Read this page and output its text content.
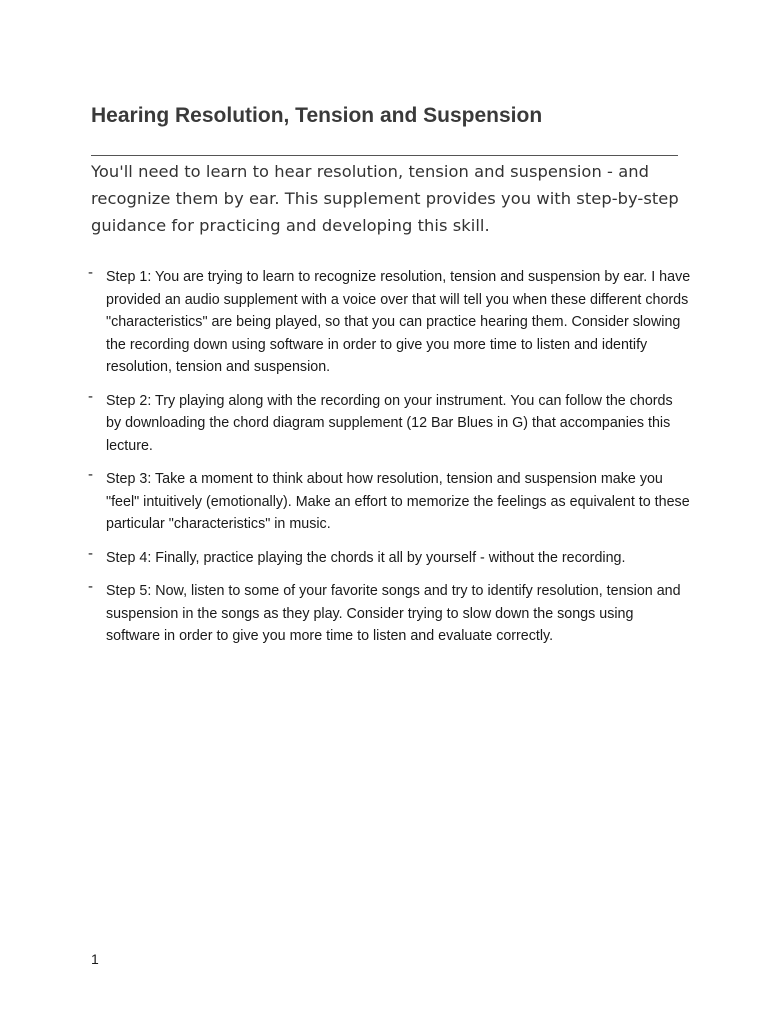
Hearing Resolution, Tension and Suspension

You'll need to learn to hear resolution, tension and suspension - and recognize them by ear. This supplement provides you with step-by-step guidance for practicing and developing this skill.

- Step 1: You are trying to learn to recognize resolution, tension and suspension by ear. I have provided an audio supplement with a voice over that will tell you when these different chords "characteristics" are being played, so that you can practice hearing them. Consider slowing the recording down using software in order to give you more time to listen and identify resolution, tension and suspension.
- Step 2: Try playing along with the recording on your instrument. You can follow the chords by downloading the chord diagram supplement (12 Bar Blues in G) that accompanies this lecture.
- Step 3: Take a moment to think about how resolution, tension and suspension make you "feel" intuitively (emotionally). Make an effort to memorize the feelings as equivalent to these particular "characteristics" in music.
- Step 4: Finally, practice playing the chords it all by yourself - without the recording.
- Step 5: Now, listen to some of your favorite songs and try to identify resolution, tension and suspension in the songs as they play. Consider trying to slow down the songs using software in order to give you more time to listen and evaluate correctly.
1
